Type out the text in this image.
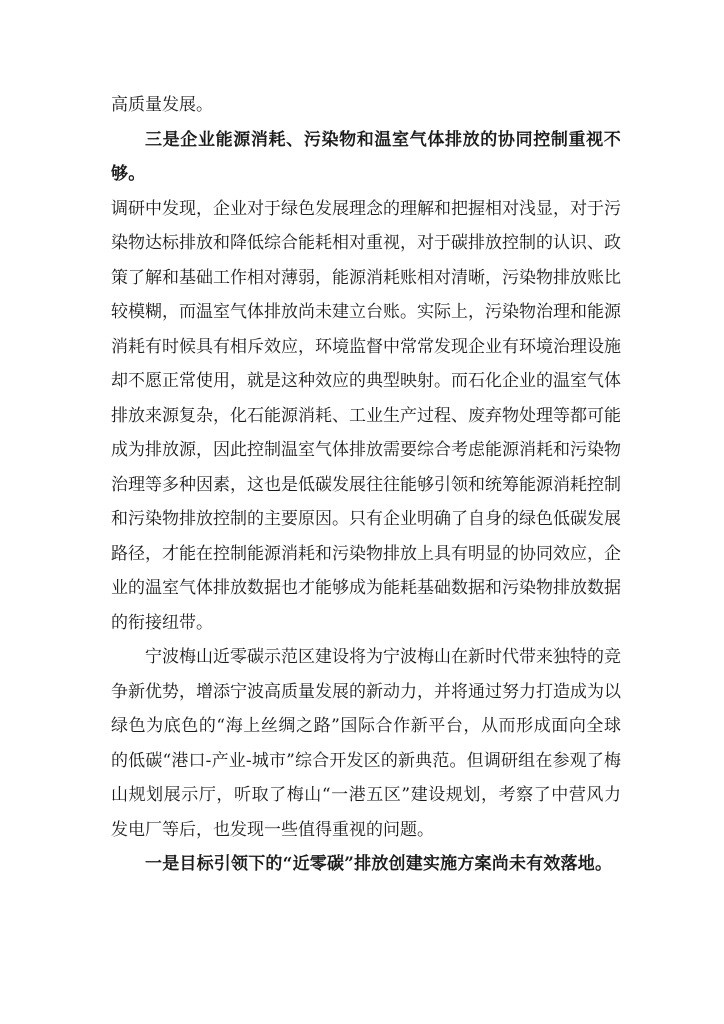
高质量发展。

三是企业能源消耗、污染物和温室气体排放的协同控制重视不够。

调研中发现，企业对于绿色发展理念的理解和把握相对浅显，对于污染物达标排放和降低综合能耗相对重视，对于碳排放控制的认识、政策了解和基础工作相对薄弱，能源消耗账相对清晰，污染物排放账比较模糊，而温室气体排放尚未建立台账。实际上，污染物治理和能源消耗有时候具有相斥效应，环境监督中常常发现企业有环境治理设施却不愿正常使用，就是这种效应的典型映射。而石化企业的温室气体排放来源复杂，化石能源消耗、工业生产过程、废弃物处理等都可能成为排放源，因此控制温室气体排放需要综合考虑能源消耗和污染物治理等多种因素，这也是低碳发展往往能够引领和统筹能源消耗控制和污染物排放控制的主要原因。只有企业明确了自身的绿色低碳发展路径，才能在控制能源消耗和污染物排放上具有明显的协同效应，企业的温室气体排放数据也才能够成为能耗基础数据和污染物排放数据的衔接纽带。

宁波梅山近零碳示范区建设将为宁波梅山在新时代带来独特的竞争新优势，增添宁波高质量发展的新动力，并将通过努力打造成为以绿色为底色的“海上丝绸之路”国际合作新平台，从而形成面向全球的低碳“港口-产业-城市”综合开发区的新典范。但调研组在参观了梅山规划展示厅，听取了梅山“一港五区”建设规划，考察了中营风力发电厂等后，也发现一些值得重视的问题。

一是目标引领下的“近零碳”排放创建实施方案尚未有效落地。
